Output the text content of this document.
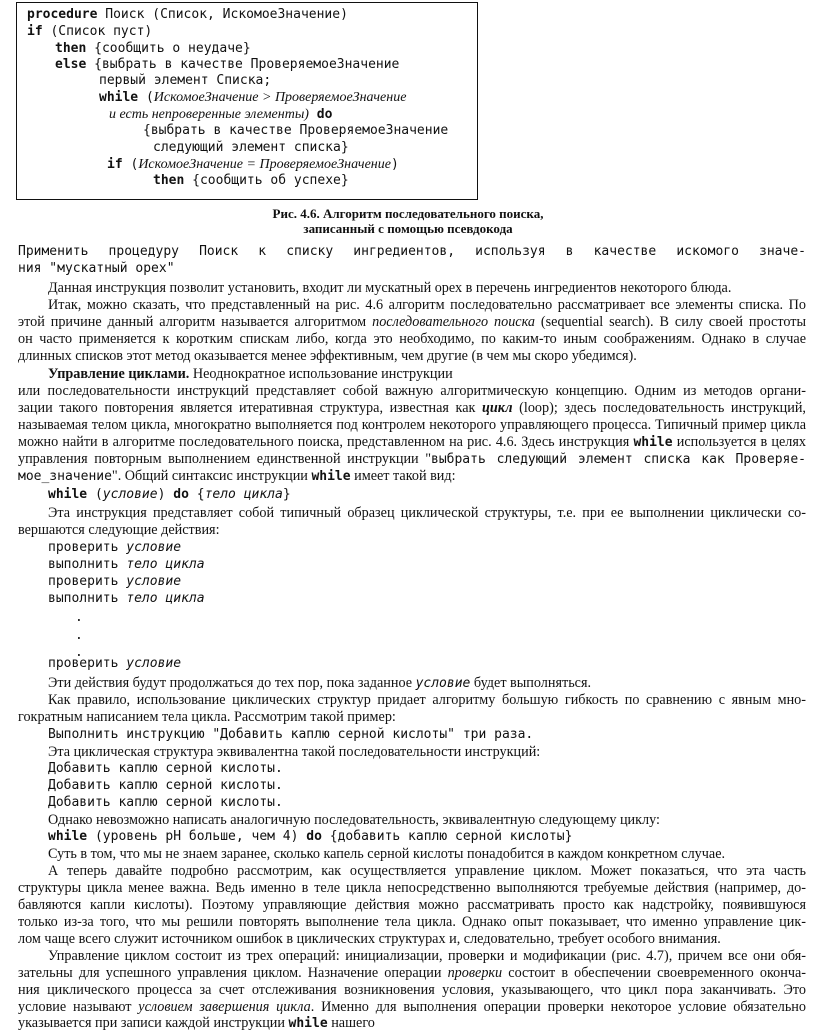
procedure Поиск (Список, ИскомоеЗначение)
if (Список пуст)
then {сообщить о неудаче}
else {выбрать в качестве ПроверяемоеЗначение
первый элемент Списка;
while (ИскомоеЗначение > ПроверяемоеЗначение
и есть непроверенные элементы) do
{выбрать в качестве ПроверяемоеЗначение
следующий элемент списка}
if (ИскомоеЗначение = ПроверяемоеЗначение)
then {сообщить об успехе}
Рис. 4.6. Алгоритм последовательного поиска,
записанный с помощью псевдокода
Применить процедуру Поиск к списку ингредиентов, используя в качестве искомого значе-
ния "мускатный орех"
Данная инструкция позволит установить, входит ли мускатный орех в перечень ингредиентов некоторого блюда.
Итак, можно сказать, что представленный на рис. 4.6 алгоритм последовательно рассматривает все элементы списка. По
этой причине данный алгоритм называется алгоритмом последовательного поиска (sequential search). В силу своей простоты
он часто применяется к коротким спискам либо, когда это необходимо, по каким-то иным соображениям. Однако в случае
длинных списков этот метод оказывается менее эффективным, чем другие (в чем мы скоро убедимся).
Управление циклами. Неоднократное использование инструкции
или последовательности инструкций представляет собой важную алгоритмическую концепцию. Одним из методов органи-
зации такого повторения является итеративная структура, известная как цикл (loop); здесь последовательность инструкций,
называемая телом цикла, многократно выполняется под контролем некоторого управляющего процесса. Типичный пример цикла
можно найти в алгоритме последовательного поиска, представленном на рис. 4.6. Здесь инструкция while используется в целях
управления повторным выполнением единственной инструкции "выбрать следующий элемент списка как Проверяе-
мое_значение". Общий синтаксис инструкции while имеет такой вид:
while (условие) do {тело цикла}
Эта инструкция представляет собой типичный образец циклической структуры, т.е. при ее выполнении циклически со-
вершаются следующие действия:
проверить условие
выполнить тело цикла
проверить условие
выполнить тело цикла
.
.
.
проверить условие
Эти действия будут продолжаться до тех пор, пока заданное условие будет выполняться.
Как правило, использование циклических структур придает алгоритму большую гибкость по сравнению с явным мно-
гократным написанием тела цикла. Рассмотрим такой пример:
Выполнить инструкцию "Добавить каплю серной кислоты" три раза.
Эта циклическая структура эквивалентна такой последовательности инструкций:
Добавить каплю серной кислоты.
Добавить каплю серной кислоты.
Добавить каплю серной кислоты.
Однако невозможно написать аналогичную последовательность, эквивалентную следующему циклу:
while (уровень рН больше, чем 4) do {добавить каплю серной кислоты}
Суть в том, что мы не знаем заранее, сколько капель серной кислоты понадобится в каждом конкретном случае.
А теперь давайте подробно рассмотрим, как осуществляется управление циклом. Может показаться, что эта часть
структуры цикла менее важна. Ведь именно в теле цикла непосредственно выполняются требуемые действия (например, до-
бавляются капли кислоты). Поэтому управляющие действия можно рассматривать просто как надстройку, появившуюся
только из-за того, что мы решили повторять выполнение тела цикла. Однако опыт показывает, что именно управление цик-
лом чаще всего служит источником ошибок в циклических структурах и, следовательно, требует особого внимания.
Управление циклом состоит из трех операций: инициализации, проверки и модификации (рис. 4.7), причем все они обя-
зательны для успешного управления циклом. Назначение операции проверки состоит в обеспечении своевременного оконча-
ния циклического процесса за счет отслеживания возникновения условия, указывающего, что цикл пора заканчивать. Это
условие называют условием завершения цикла. Именно для выполнения операции проверки некоторое условие обязательно
указывается при записи каждой инструкции while нашего
